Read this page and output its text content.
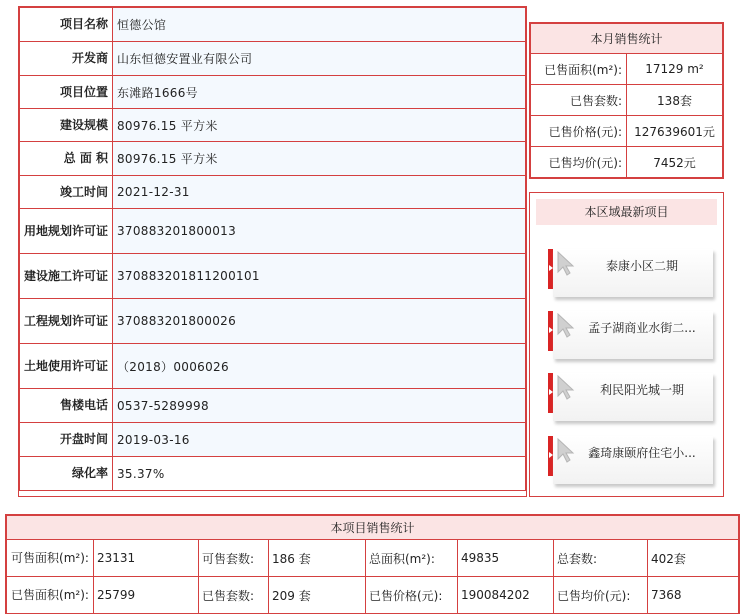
项目名称	恒德公馆
开发商	山东恒德安置业有限公司
项目位置	东滩路1666号
建设规模	80976.15 平方米
总 面 积	80976.15 平方米
竣工时间	2021-12-31
用地规划许可证	370883201800013
建设施工许可证	370883201811200101
工程规划许可证	370883201800026
土地使用许可证	（2018）0006026
售楼电话	0537-5289998
开盘时间	2019-03-16
绿化率	35.37%
本月销售统计	
已售面积(m²):	17129 m²
已售套数:	138套
已售价格(元):	127639601元
已售均价(元):	7452元
本区域最新项目
泰康小区二期
孟子湖商业水街二...
利民阳光城一期
鑫琦康颐府住宅小...
本项目销售统计							
可售面积(m²):	23131	可售套数:	186 套	总面积(m²):	49835	总套数:	402套
已售面积(m²):	25799	已售套数:	209 套	已售价格(元):	190084202	已售均价(元):	7368
